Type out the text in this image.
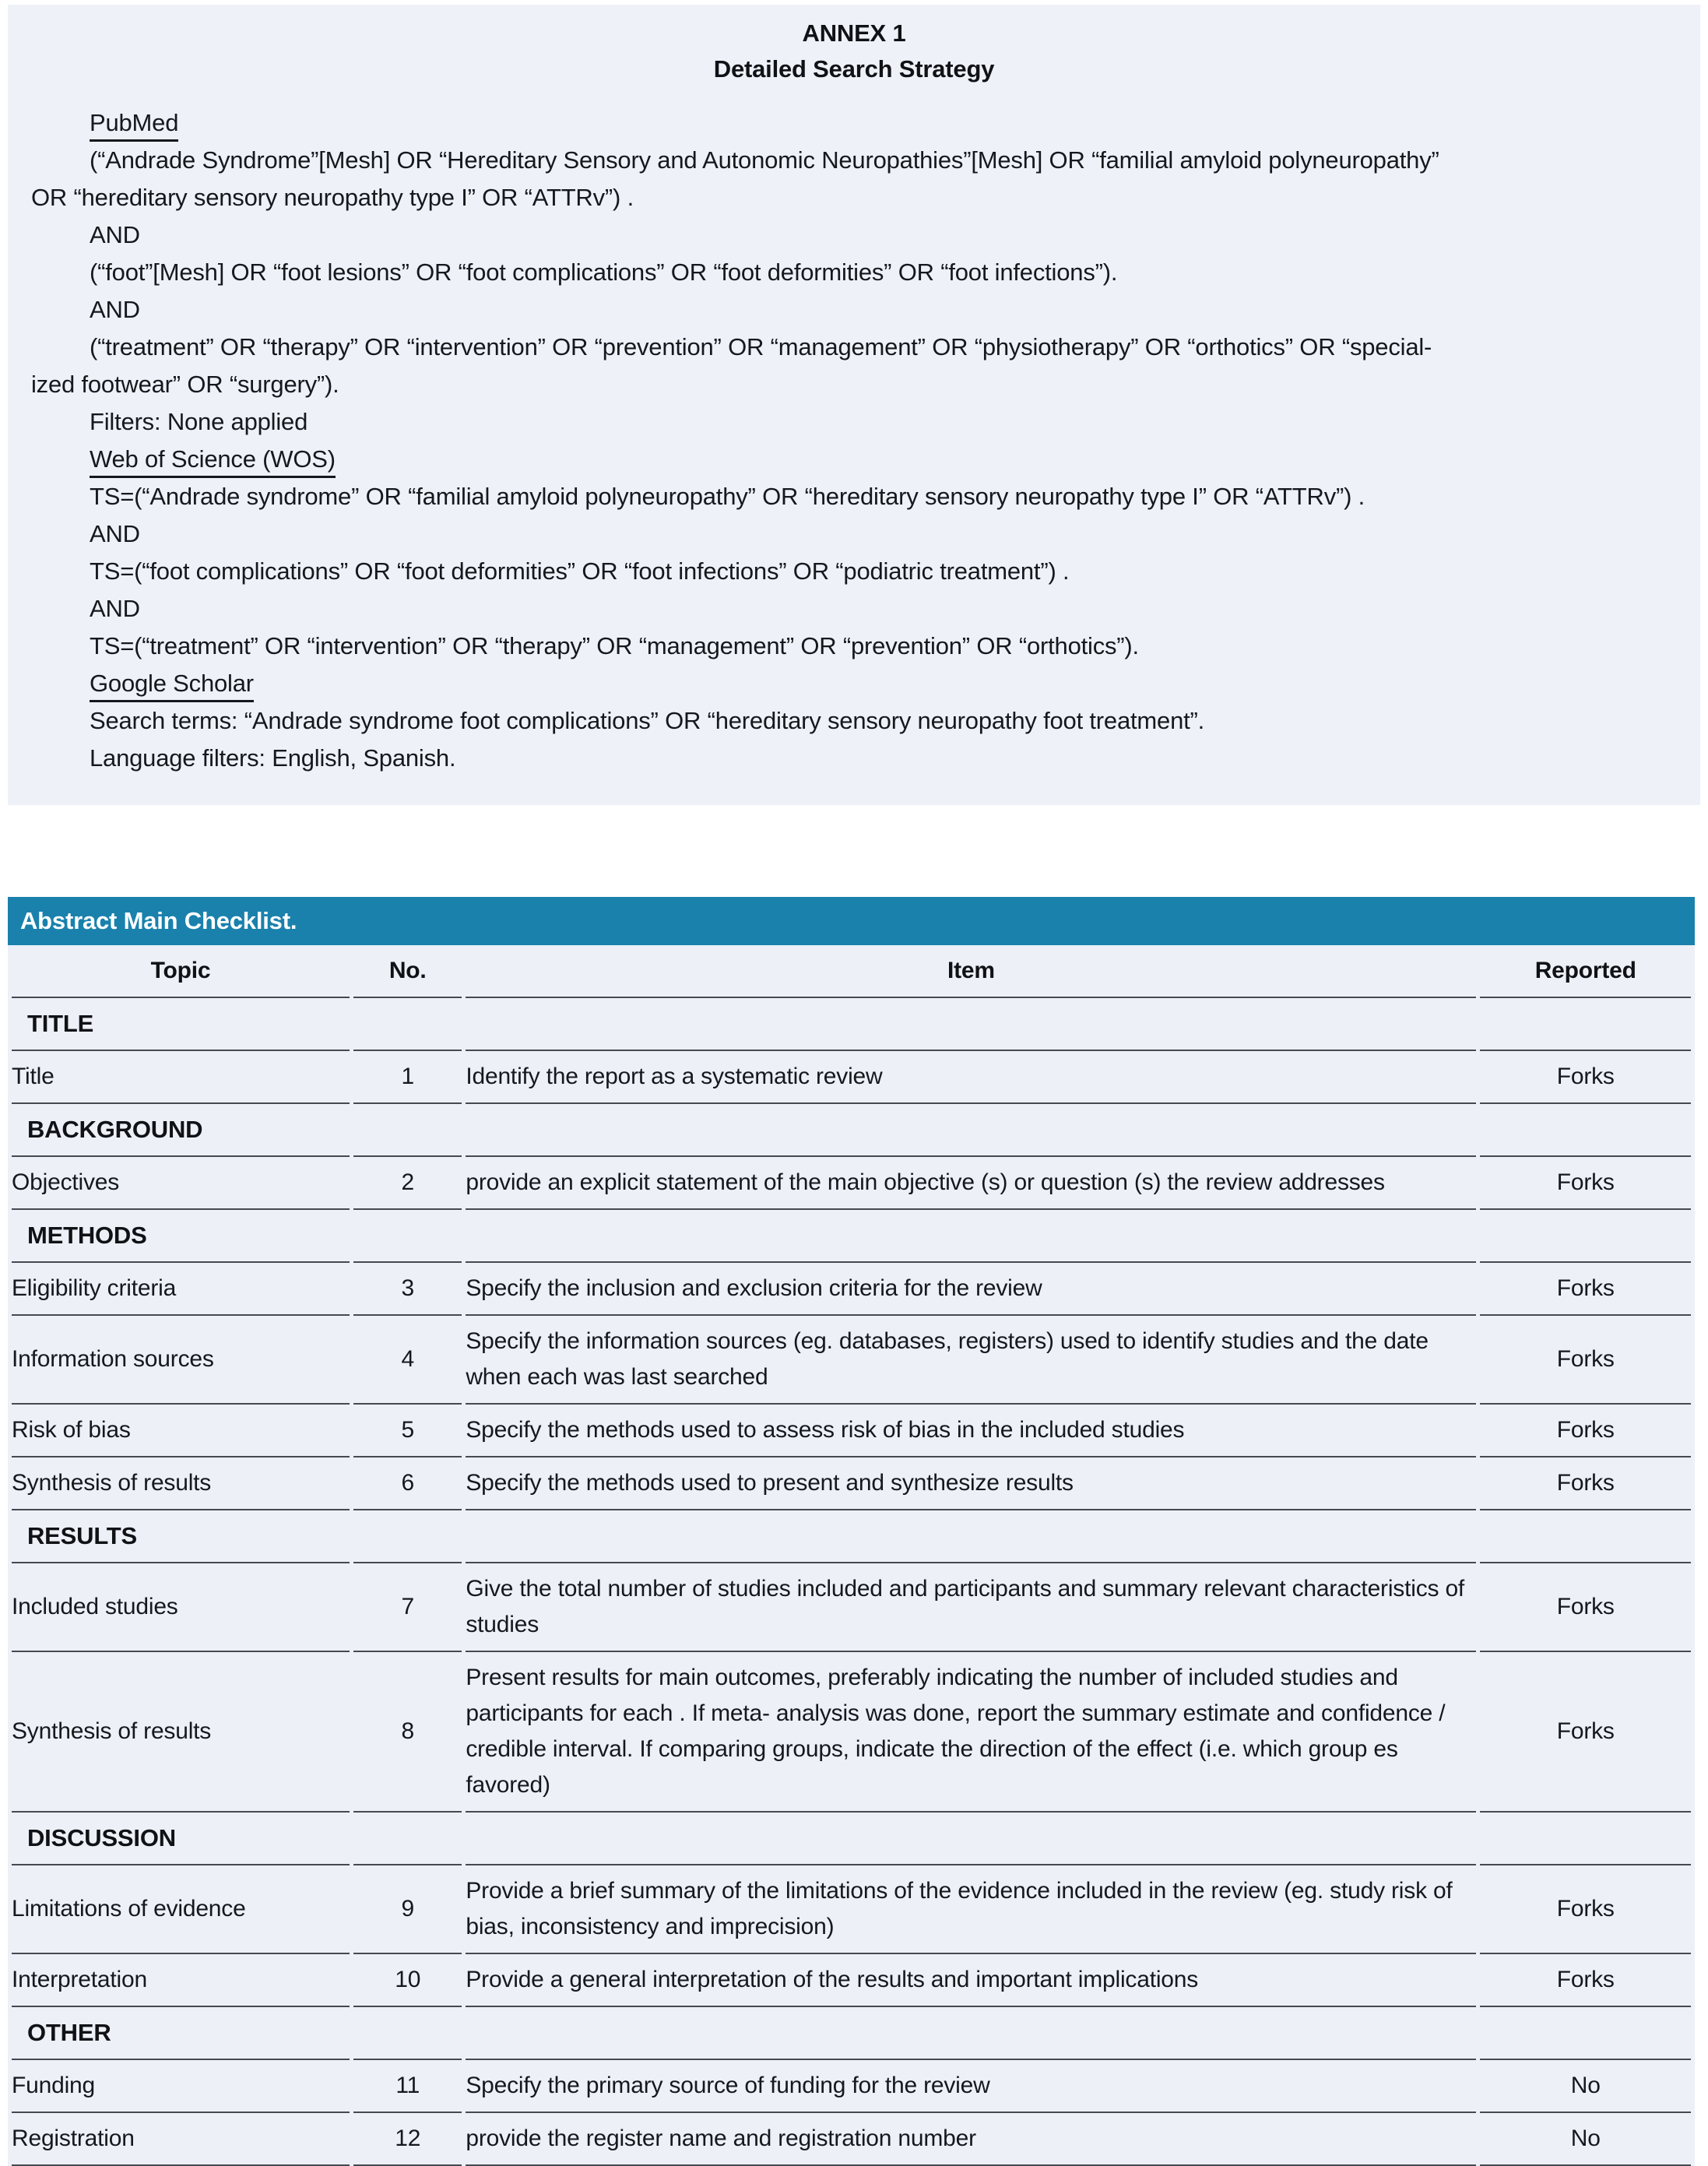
ANNEX 1
Detailed Search Strategy
PubMed
(“Andrade Syndrome”[Mesh] OR “Hereditary Sensory and Autonomic Neuropathies”[Mesh] OR “familial amyloid polyneuropathy”
OR “hereditary sensory neuropathy type I” OR “ATTRv”) .
AND
(“foot”[Mesh] OR “foot lesions” OR “foot complications” OR “foot deformities” OR “foot infections”).
AND
(“treatment” OR “therapy” OR “intervention” OR “prevention” OR “management” OR “physiotherapy” OR “orthotics” OR “special-
ized footwear” OR “surgery”).
Filters: None applied
Web of Science (WOS)
TS=(“Andrade syndrome” OR “familial amyloid polyneuropathy” OR “hereditary sensory neuropathy type I” OR “ATTRv”) .
AND
TS=(“foot complications” OR “foot deformities” OR “foot infections” OR “podiatric treatment”) .
AND
TS=(“treatment” OR “intervention” OR “therapy” OR “management” OR “prevention” OR “orthotics”).
Google Scholar
Search terms: “Andrade syndrome foot complications” OR “hereditary sensory neuropathy foot treatment”.
Language filters: English, Spanish.
Abstract Main Checklist.
Topic	No.	Item	Reported
TITLE			
Title	1	Identify the report as a systematic review	Forks
BACKGROUND			
Objectives	2	provide an explicit statement of the main objective (s) or question (s) the review addresses	Forks
METHODS			
Eligibility criteria	3	Specify the inclusion and exclusion criteria for the review	Forks
Information sources	4	Specify the information sources (eg. databases, registers) used to identify studies and the date when each was last searched	Forks
Risk of bias	5	Specify the methods used to assess risk of bias in the included studies	Forks
Synthesis of results	6	Specify the methods used to present and synthesize results	Forks
RESULTS			
Included studies	7	Give the total number of studies included and participants and summary relevant characteristics of studies	Forks
Synthesis of results	8	Present results for main outcomes, preferably indicating the number of included studies and participants for each . If meta- analysis was done, report the summary estimate and confidence / credible interval. If comparing groups, indicate the direction of the effect (i.e. which group es favored)	Forks
DISCUSSION			
Limitations of evidence	9	Provide a brief summary of the limitations of the evidence included in the review (eg. study risk of bias, inconsistency and imprecision)	Forks
Interpretation	10	Provide a general interpretation of the results and important implications	Forks
OTHER			
Funding	11	Specify the primary source of funding for the review	No
Registration	12	provide the register name and registration number	No
